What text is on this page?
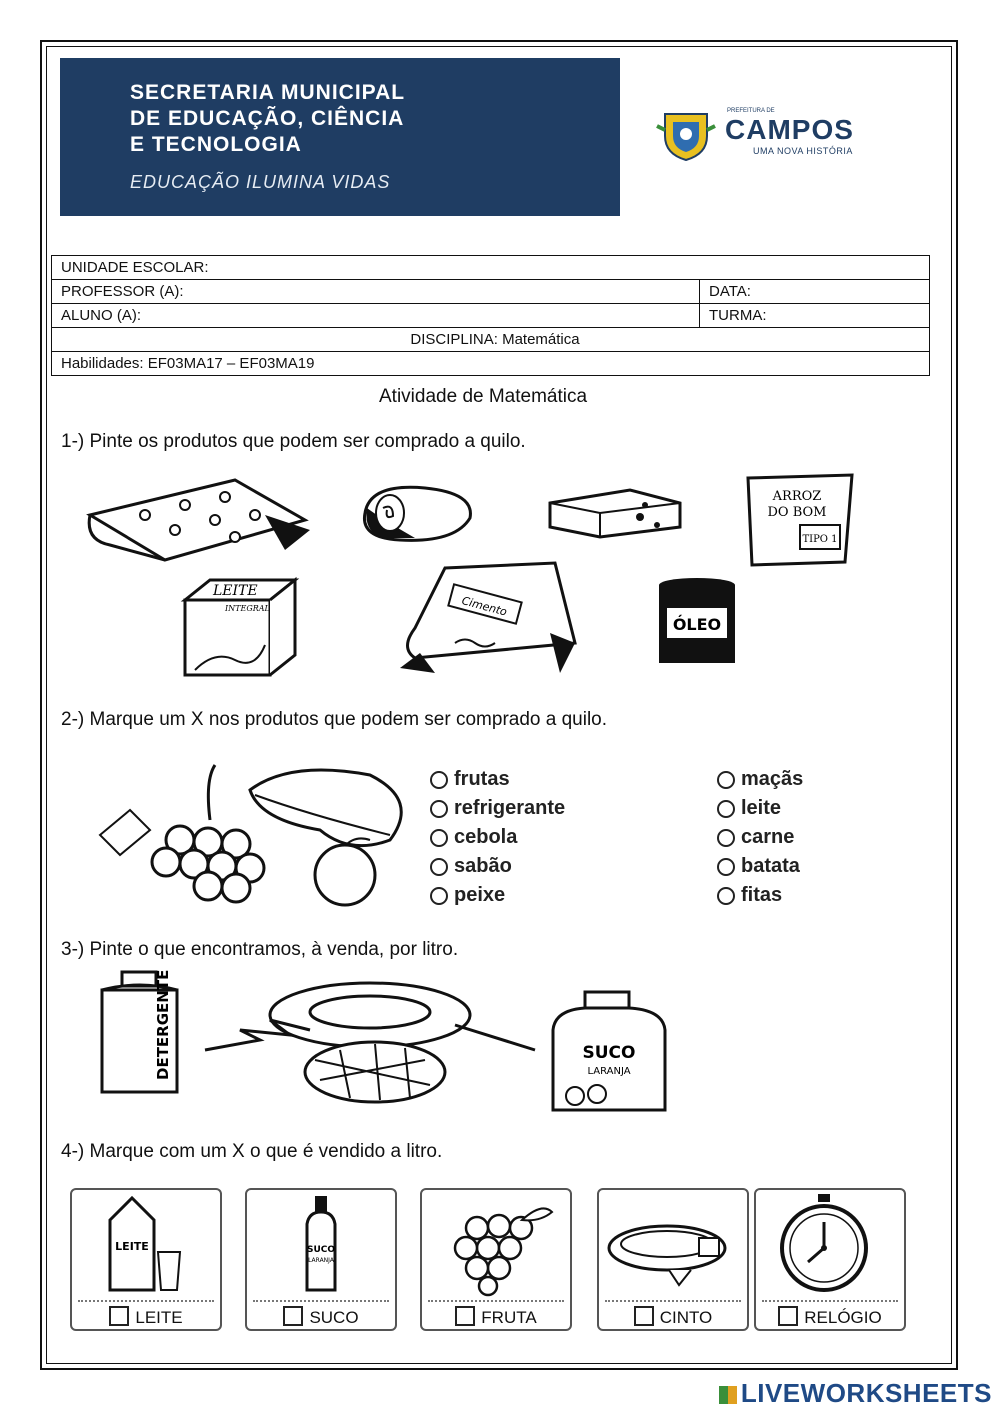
SECRETARIA MUNICIPAL
DE EDUCAÇÃO, CIÊNCIA
E TECNOLOGIA
EDUCAÇÃO ILUMINA VIDAS
PREFEITURA DE
CAMPOS
UMA NOVA HISTÓRIA
UNIDADE ESCOLAR:	
PROFESSOR (A):	DATA:
ALUNO (A):	TURMA:
DISCIPLINA: Matemática	
Habilidades: EF03MA17 – EF03MA19	
Atividade de Matemática
1-) Pinte os produtos que podem ser comprado a quilo.
ARROZ
DO BOM
TIPO 1
LEITE
INTEGRAL	Cimento
ÓLEO
2-) Marque um X nos produtos que podem ser comprado a quilo.
frutas
refrigerante
cebola
sabão
peixe
maçãs
leite
carne
batata
fitas
3-) Pinte o que encontramos, à venda, por litro.
DETERGENTE	SUCO
LARANJA
4-) Marque com um X o que é vendido a litro.
LEITE
LEITE
SUCO
LARANJA
SUCO	FRUTA	CINTO	RELÓGIO
LIVEWORKSHEETS
